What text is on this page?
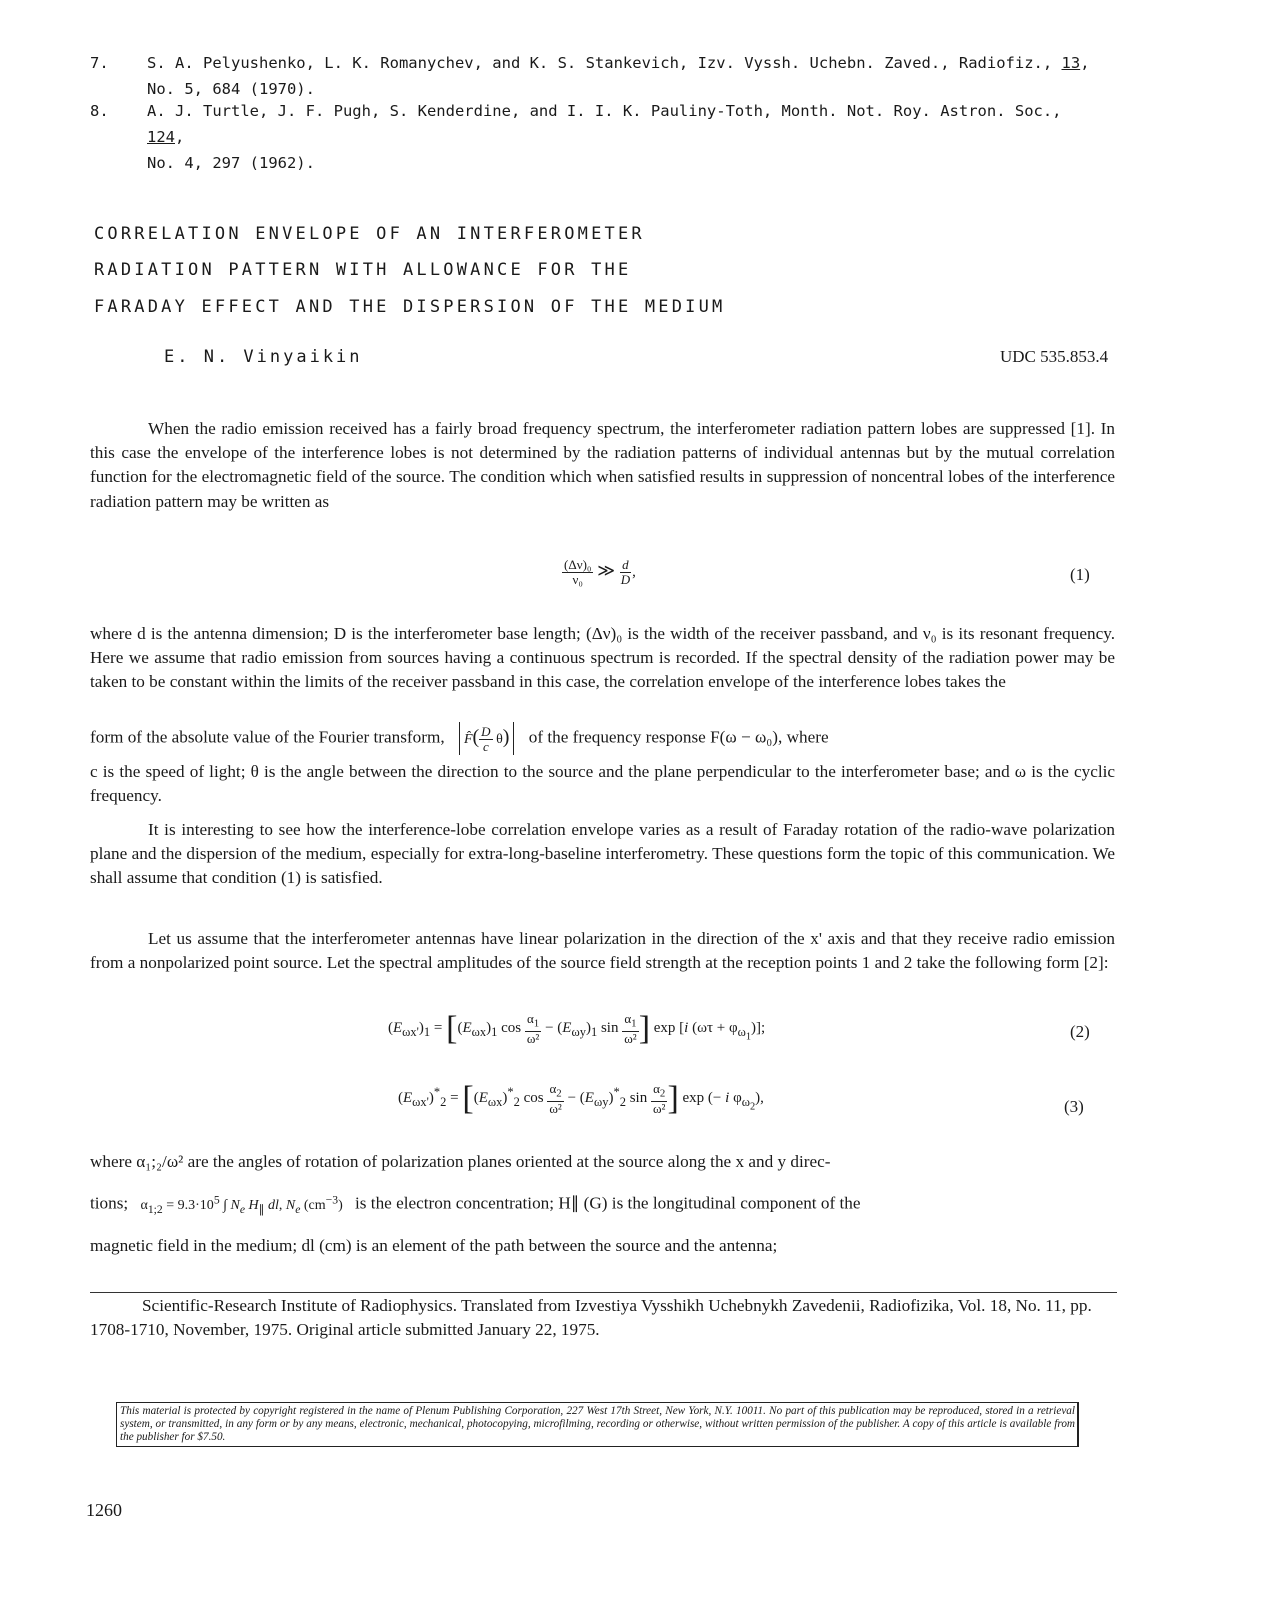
7. S. A. Pelyushenko, L. K. Romanychev, and K. S. Stankevich, Izv. Vyssh. Uchebn. Zaved., Radiofiz., 13,
No. 5, 684 (1970).
8. A. J. Turtle, J. F. Pugh, S. Kenderdine, and I. I. K. Pauliny-Toth, Month. Not. Roy. Astron. Soc., 124,
No. 4, 297 (1962).
CORRELATION ENVELOPE OF AN INTERFEROMETER
RADIATION PATTERN WITH ALLOWANCE FOR THE
FARADAY EFFECT AND THE DISPERSION OF THE MEDIUM
E. N. Vinyaikin	UDC 535.853.4
When the radio emission received has a fairly broad frequency spectrum, the interferometer radiation pattern lobes are suppressed [1]. In this case the envelope of the interference lobes is not determined by the radiation patterns of individual antennas but by the mutual correlation function for the electromagnetic field of the source. The condition which when satisfied results in suppression of noncentral lobes of the interference radiation pattern may be written as
$\frac{\text{(Δν)₀}}{\text{ν₀}}$ ≫ $\frac{d}{D}$ ,	(1)
where d is the antenna dimension; D is the interferometer base length; (Δν)₀ is the width of the receiver passband, and ν₀ is its resonant frequency. Here we assume that radio emission from sources having a continuous spectrum is recorded. If the spectral density of the radiation power may be taken to be constant within the limits of the receiver passband in this case, the correlation envelope of the interference lobes takes the
form of the absolute value of the Fourier transform, F̂( $\frac{D}{c} \theta$) of the frequency response F(ω − ω₀), where
c is the speed of light; θ is the angle between the direction to the source and the plane perpendicular to the interferometer base; and ω is the cyclic frequency.
It is interesting to see how the interference-lobe correlation envelope varies as a result of Faraday rotation of the radio-wave polarization plane and the dispersion of the medium, especially for extra-long-baseline interferometry. These questions form the topic of this communication. We shall assume that condition (1) is satisfied.
Let us assume that the interferometer antennas have linear polarization in the direction of the x' axis and that they receive radio emission from a nonpolarized point source. Let the spectral amplitudes of the source field strength at the reception points 1 and 2 take the following form [2]:
$(E_{\omega x'})_1 = [(E_{\omega x})_1$ $\cos \frac{\alpha_1}{\text{ω²}} - (E_{\omega y})_1$ $\sin \frac{\alpha_1}{\text{ω²}}$ ] exp [i $(\omega\tau + \varphi_{\omega_1})$];	(2)
$(E_{\omega x'})^*_2 = [(E_{\omega x})^*_2$ $\cos \frac{\alpha_2}{\text{ω²}} - (E_{\omega y})^*_2$ $\sin \frac{\alpha_2}{\text{ω²}}$ ] exp (− i $\varphi_{\omega_2}$),	(3)
where α₁;₂/ω² are the angles of rotation of polarization planes oriented at the source along the x and y direc-
tions; $\alpha_{1;2} = 9.3\cdot 10^5$ ∫ $N_e$ $H_\parallel$ dl, $N_e$ $(cm^{-3})$ is the electron concentration; H∥ (G) is the longitudinal component of the
magnetic field in the medium; dl (cm) is an element of the path between the source and the antenna;
Scientific-Research Institute of Radiophysics. Translated from Izvestiya Vysshikh Uchebnykh Zavedenii, Radiofizika, Vol. 18, No. 11, pp. 1708-1710, November, 1975. Original article submitted January 22, 1975.
This material is protected by copyright registered in the name of Plenum Publishing Corporation, 227 West 17th Street, New York, N.Y. 10011. No part of this publication may be reproduced, stored in a retrieval system, or transmitted, in any form or by any means, electronic, mechanical, photocopying, microfilming, recording or otherwise, without written permission of the publisher. A copy of this article is available from the publisher for $7.50.
1260
